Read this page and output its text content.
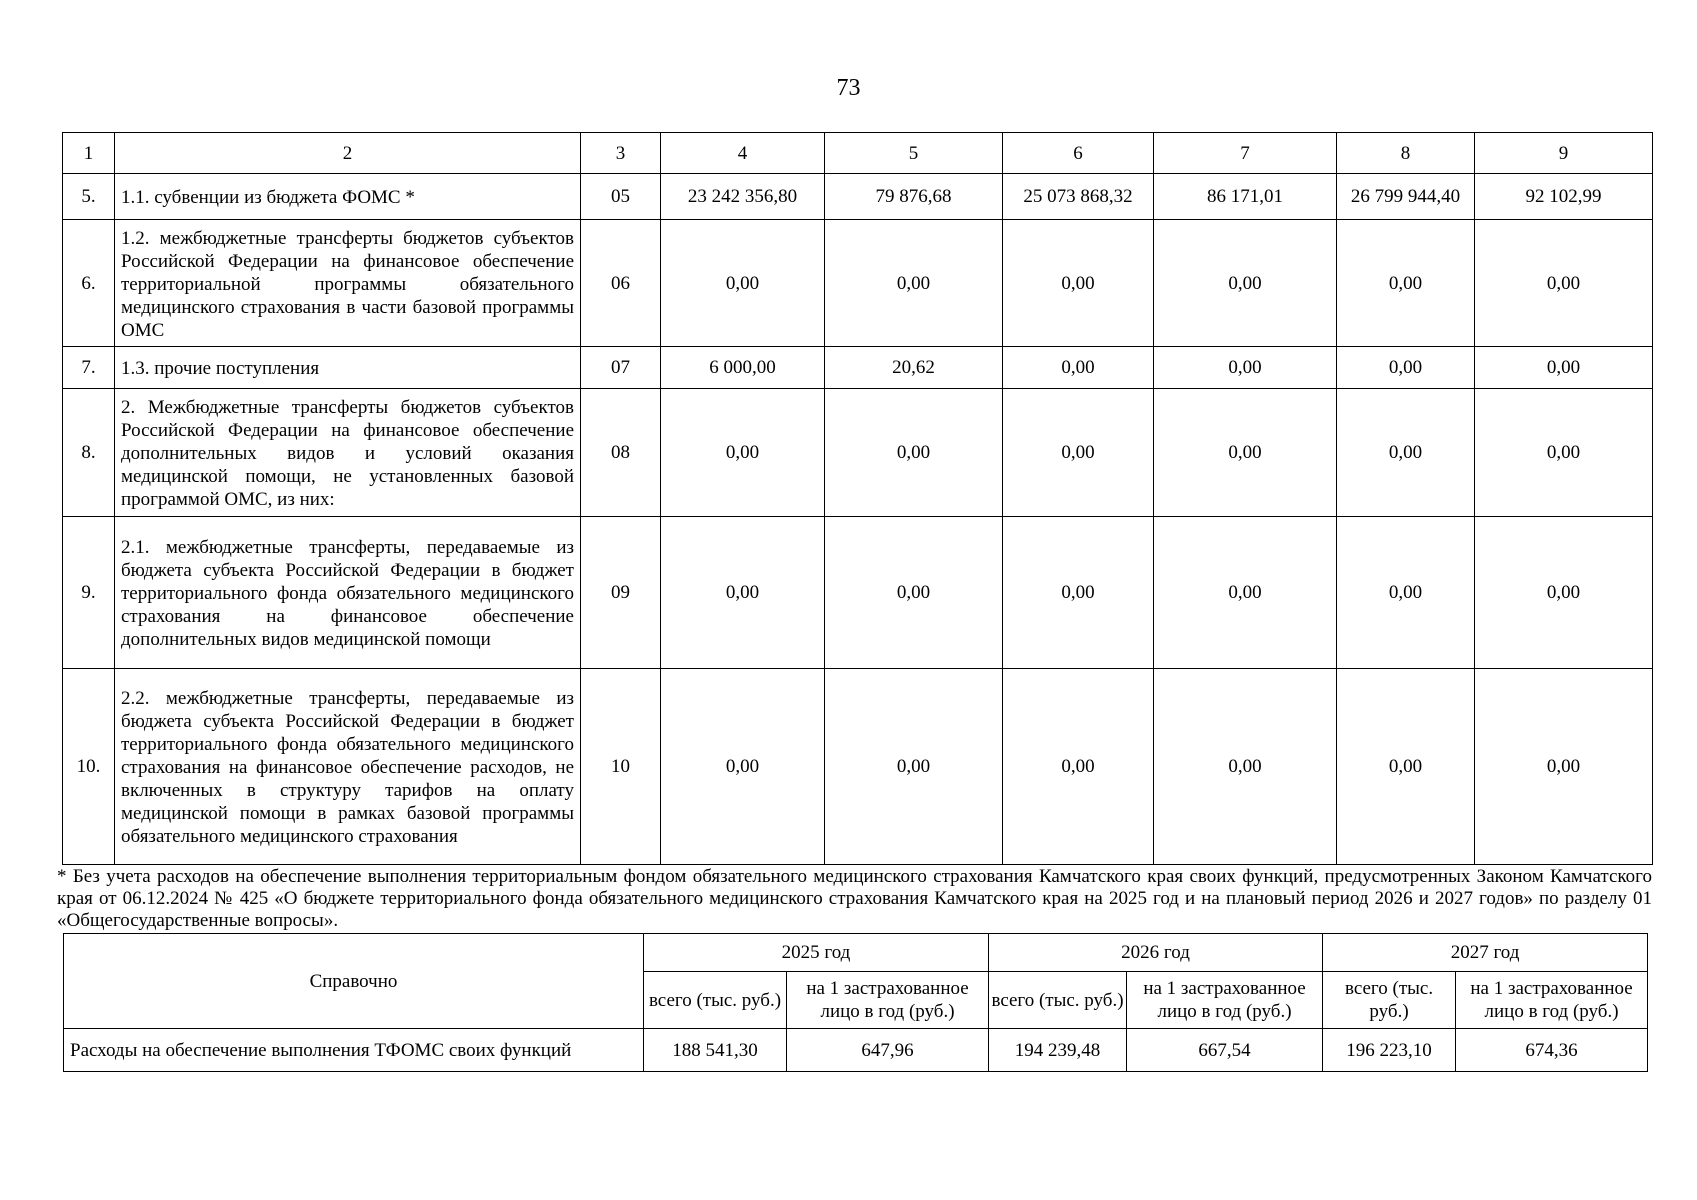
73
1	2	3	4	5	6	7	8	9
5.	1.1. субвенции из бюджета ФОМС *	05	23 242 356,80	79 876,68	25 073 868,32	86 171,01	26 799 944,40	92 102,99
6.	1.2. межбюджетные трансферты бюджетов субъектов Российской Федерации на финансовое обеспечение территориальной программы обязательного медицинского страхования в части базовой программы ОМС	06	0,00	0,00	0,00	0,00	0,00	0,00
7.	1.3. прочие поступления	07	6 000,00	20,62	0,00	0,00	0,00	0,00
8.	2. Межбюджетные трансферты бюджетов субъектов Российской Федерации на финансовое обеспечение дополнительных видов и условий оказания медицинской помощи, не установленных базовой программой ОМС, из них:	08	0,00	0,00	0,00	0,00	0,00	0,00
9.	2.1. межбюджетные трансферты, передаваемые из бюджета субъекта Российской Федерации в бюджет территориального фонда обязательного медицинского страхования на финансовое обеспечение дополнительных видов медицинской помощи	09	0,00	0,00	0,00	0,00	0,00	0,00
10.	2.2. межбюджетные трансферты, передаваемые из бюджета субъекта Российской Федерации в бюджет территориального фонда обязательного медицинского страхования на финансовое обеспечение расходов, не включенных в структуру тарифов на оплату медицинской помощи в рамках базовой программы обязательного медицинского страхования	10	0,00	0,00	0,00	0,00	0,00	0,00
* Без учета расходов на обеспечение выполнения территориальным фондом обязательного медицинского страхования Камчатского края своих функций, предусмотренных Законом Камчатского края от 06.12.2024 № 425 «О бюджете территориального фонда обязательного медицинского страхования Камчатского края на 2025 год и на плановый период 2026 и 2027 годов» по разделу 01 «Общегосударственные вопросы».
Справочно	2025 год		2026 год		2027 год	
	всего (тыс. руб.)	на 1 застрахованное лицо в год (руб.)	всего (тыс. руб.)	на 1 застрахованное лицо в год (руб.)	всего (тыс. руб.)	на 1 застрахованное лицо в год (руб.)
Расходы на обеспечение выполнения ТФОМС своих функций	188 541,30	647,96	194 239,48	667,54	196 223,10	674,36
